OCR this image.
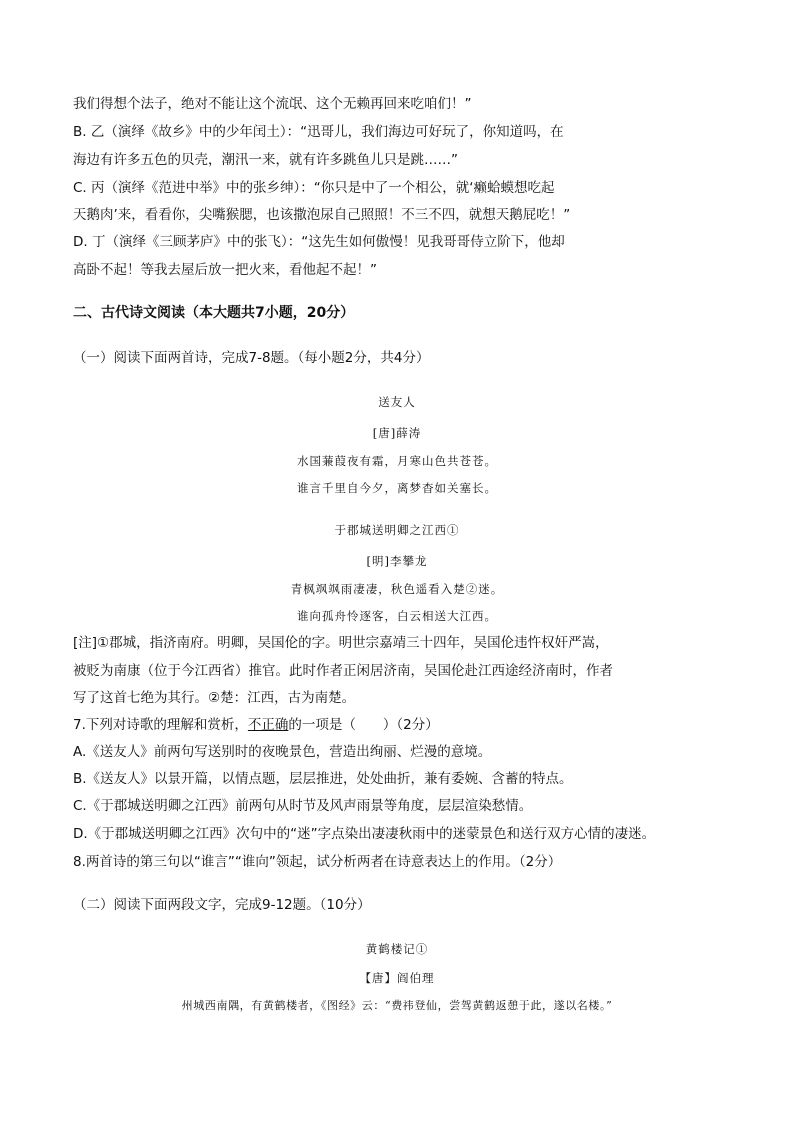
我们得想个法子，绝对不能让这个流氓、这个无赖再回来吃咱们！”
B. 乙（演绎《故乡》中的少年闰土）：“迅哥儿，我们海边可好玩了，你知道吗，在
海边有许多五色的贝壳，潮汛一来，就有许多跳鱼儿只是跳……”
C. 丙（演绎《范进中举》中的张乡绅）：“你只是中了一个相公，就‘癞蛤蟆想吃起
天鹅肉’来，看看你，尖嘴猴腮，也该撒泡尿自己照照！不三不四，就想天鹅屁吃！”
D. 丁（演绎《三顾茅庐》中的张飞）：“这先生如何傲慢！见我哥哥侍立阶下，他却
高卧不起！等我去屋后放一把火来，看他起不起！”
二、古代诗文阅读（本大题共7小题，20分）
（一）阅读下面两首诗，完成7-8题。（每小题2分，共4分）
送友人
[唐]薛涛
水国蒹葭夜有霜，月寒山色共苍苍。
谁言千里自今夕，离梦杳如关塞长。
于郡城送明卿之江西①
[明]李攀龙
青枫飒飒雨凄凄，秋色遥看入楚②迷。
谁向孤舟怜逐客，白云相送大江西。
[注]①郡城，指济南府。明卿，吴国伦的字。明世宗嘉靖三十四年，吴国伦违忤权奸严嵩，
被贬为南康（位于今江西省）推官。此时作者正闲居济南，吴国伦赴江西途经济南时，作者
写了这首七绝为其行。②楚：江西，古为南楚。
7.下列对诗歌的理解和赏析，不正确的一项是（　　）（2分）
A.《送友人》前两句写送别时的夜晚景色，营造出绚丽、烂漫的意境。
B.《送友人》以景开篇，以情点题，层层推进，处处曲折，兼有委婉、含蓄的特点。
C.《于郡城送明卿之江西》前两句从时节及风声雨景等角度，层层渲染愁情。
D.《于郡城送明卿之江西》次句中的“迷”字点染出凄凄秋雨中的迷蒙景色和送行双方心情的凄迷。
8.两首诗的第三句以“谁言”“谁向”领起，试分析两者在诗意表达上的作用。（2分）
（二）阅读下面两段文字，完成9-12题。（10分）
黄鹤楼记①
【唐】阎伯理
州城西南隅，有黄鹤楼者，《图经》云：“费祎登仙，尝驾黄鹤返憩于此，遂以名楼。”
